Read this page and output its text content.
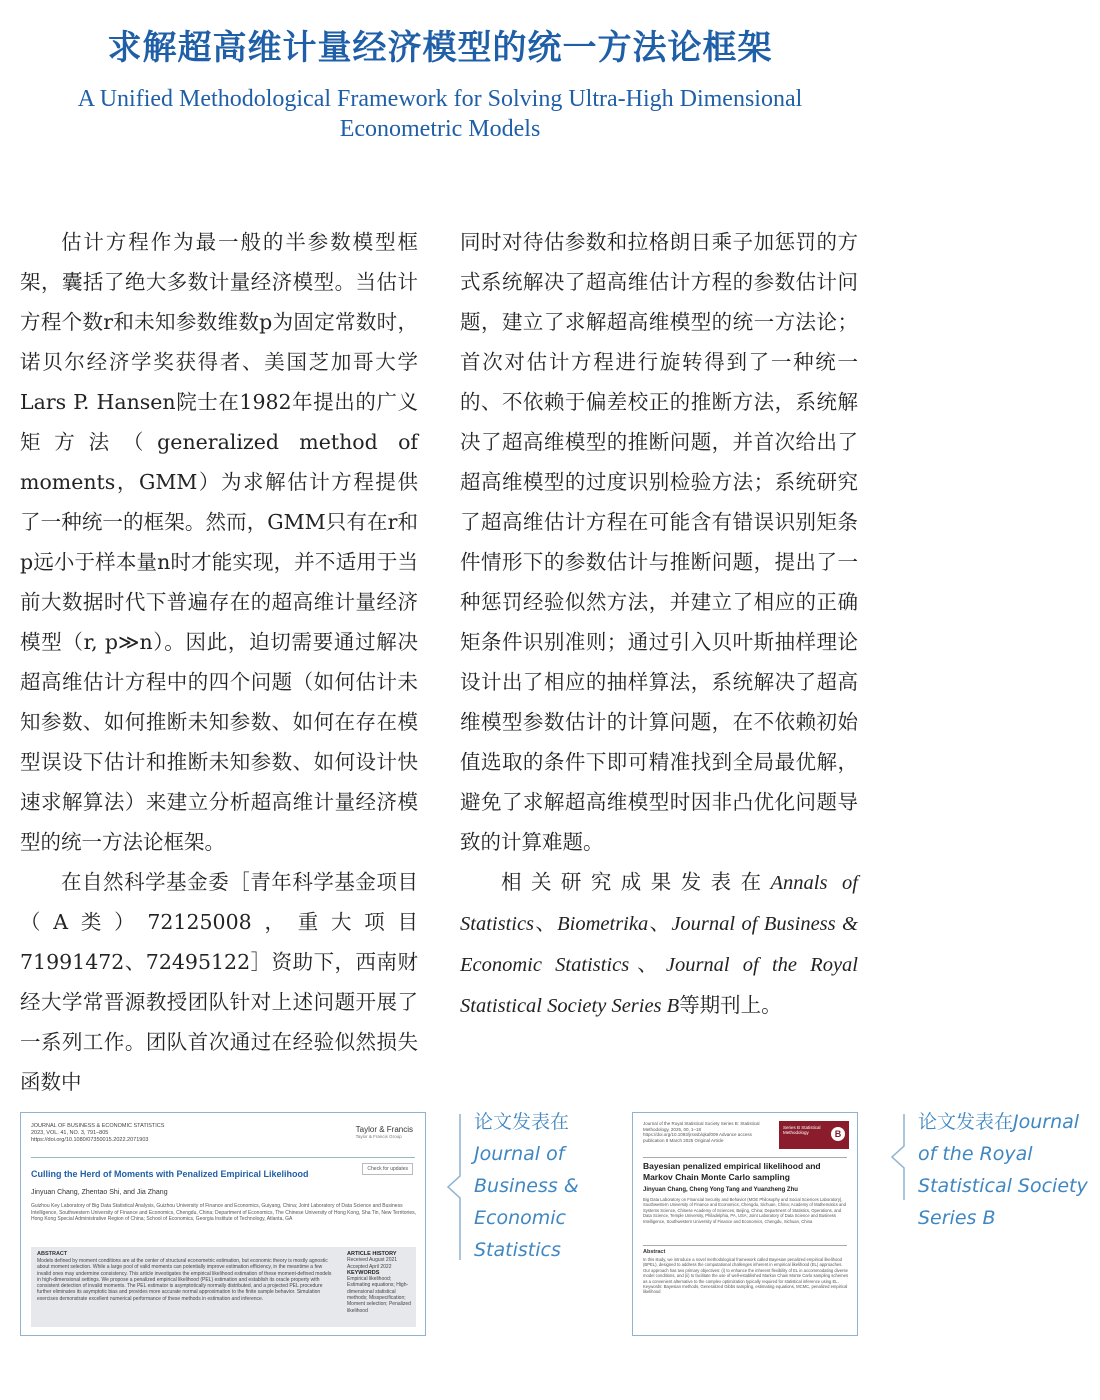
求解超高维计量经济模型的统一方法论框架
A Unified Methodological Framework for Solving Ultra-High Dimensional Econometric Models

估计方程作为最一般的半参数模型框架，囊括了绝大多数计量经济模型。当估计方程个数r和未知参数维数p为固定常数时，诺贝尔经济学奖获得者、美国芝加哥大学Lars P. Hansen院士在1982年提出的广义矩方法（generalized method of moments，GMM）为求解估计方程提供了一种统一的框架。然而，GMM只有在r和p远小于样本量n时才能实现，并不适用于当前大数据时代下普遍存在的超高维计量经济模型（r, p≫n）。因此，迫切需要通过解决超高维估计方程中的四个问题（如何估计未知参数、如何推断未知参数、如何在存在模型误设下估计和推断未知参数、如何设计快速求解算法）来建立分析超高维计量经济模型的统一方法论框架。

在自然科学基金委［青年科学基金项目（A类）72125008，重大项目71991472、72495122］资助下，西南财经大学常晋源教授团队针对上述问题开展了一系列工作。团队首次通过在经验似然损失函数中

同时对待估参数和拉格朗日乘子加惩罚的方式系统解决了超高维估计方程的参数估计问题，建立了求解超高维模型的统一方法论；首次对估计方程进行旋转得到了一种统一的、不依赖于偏差校正的推断方法，系统解决了超高维模型的推断问题，并首次给出了超高维模型的过度识别检验方法；系统研究了超高维估计方程在可能含有错误识别矩条件情形下的参数估计与推断问题，提出了一种惩罚经验似然方法，并建立了相应的正确矩条件识别准则；通过引入贝叶斯抽样理论设计出了相应的抽样算法，系统解决了超高维模型参数估计的计算问题，在不依赖初始值选取的条件下即可精准找到全局最优解，避免了求解超高维模型时因非凸优化问题导致的计算难题。

相关研究成果发表在Annals of Statistics、Biometrika、Journal of Business & Economic Statistics、Journal of the Royal Statistical Society Series B等期刊上。

JOURNAL OF BUSINESS & ECONOMIC STATISTICS
2023, VOL. 41, NO. 3, 791–805
https://doi.org/10.1080/07350015.2022.2071903
Taylor & Francis
Taylor & Francis Group
Check for updates
Culling the Herd of Moments with Penalized Empirical Likelihood
Jinyuan Chang, Zhentao Shi, and Jia Zhang
Guizhou Key Laboratory of Big Data Statistical Analysis, Guizhou University of Finance and Economics, Guiyang, China; Joint Laboratory of Data Science and Business Intelligence, Southwestern University of Finance and Economics, Chengdu, China; Department of Economics, The Chinese University of Hong Kong, Sha Tin, New Territories, Hong Kong Special Administrative Region of China; School of Economics, Georgia Institute of Technology, Atlanta, GA
ABSTRACT
Models defined by moment conditions are at the center of structural econometric estimation, but economic theory is mostly agnostic about moment selection. While a large pool of valid moments can potentially improve estimation efficiency, in the meantime a few invalid ones may undermine consistency. This article investigates the empirical likelihood estimation of these moment-defined models in high-dimensional settings. We propose a penalized empirical likelihood (PEL) estimation and establish its oracle property with consistent detection of invalid moments. The PEL estimator is asymptotically normally distributed, and a projected PEL procedure further eliminates its asymptotic bias and provides more accurate normal approximation to the finite sample behavior. Simulation exercises demonstrate excellent numerical performance of these methods in estimation and inference.
ARTICLE HISTORY
Received August 2021 Accepted April 2022
KEYWORDS
Empirical likelihood; Estimating equations; High-dimensional statistical methods; Misspecification; Moment selection; Penalized likelihood
论文发表在
Journal of Business & Economic Statistics
Journal of the Royal Statistical Society Series B: Statistical Methodology, 2025, 00, 1–18 https://doi.org/10.1093/jrsssb/qkaf009 Advance access publication 8 March 2025 Original Article
Series B Statistical Methodology	B
Bayesian penalized empirical likelihood and Markov Chain Monte Carlo sampling
Jinyuan Chang, Cheng Yong Tang and Yuanzheng Zhu
Big Data Laboratory on Financial Security and Behavior (MOE Philosophy and Social Sciences Laboratory), Southwestern University of Finance and Economics, Chengdu, Sichuan, China; Academy of Mathematics and Systems Science, Chinese Academy of Sciences, Beijing, China; Department of Statistics, Operations, and Data Science, Temple University, Philadelphia, PA, USA; Joint Laboratory of Data Science and Business Intelligence, Southwestern University of Finance and Economics, Chengdu, Sichuan, China
Abstract
In this study, we introduce a novel methodological framework called Bayesian penalized empirical likelihood (BPEL), designed to address the computational challenges inherent in empirical likelihood (EL) approaches. Our approach has two primary objectives: (i) to enhance the inherent flexibility of EL in accommodating diverse model conditions, and (ii) to facilitate the use of well-established Markov Chain Monte Carlo sampling schemes as a convenient alternative to the complex optimization typically required for statistical inference using EL. Keywords: Bayesian methods, Generalized Gibbs sampling, estimating equations, MCMC, penalized empirical likelihood
论文发表在Journal of the Royal Statistical Society Series B
